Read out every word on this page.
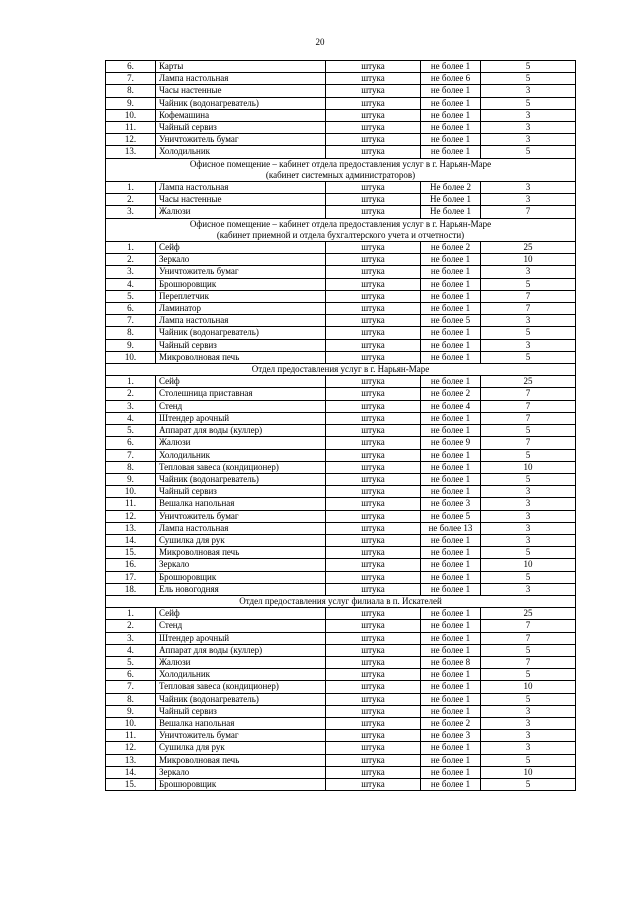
20
6.	Карты	штука	не более 1	5
7.	Лампа настольная	штука	не более 6	5
8.	Часы настенные	штука	не более 1	3
9.	Чайник (водонагреватель)	штука	не более 1	5
10.	Кофемашина	штука	не более 1	3
11.	Чайный сервиз	штука	не более 1	3
12.	Уничтожитель бумаг	штука	не более 1	3
13.	Холодильник	штука	не более 1	5

Офисное помещение – кабинет отдела предоставления услуг в г. Нарьян-Маре
(кабинет системных администраторов)				

1.	Лампа настольная	штука	Не более 2	3
2.	Часы настенные	штука	Не более 1	3
3.	Жалюзи	штука	Не более 1	7

Офисное помещение – кабинет отдела предоставления услуг в г. Нарьян-Маре
(кабинет приемной и отдела бухгалтерского учета и отчетности)				

1.	Сейф	штука	не более 2	25
2.	Зеркало	штука	не более 1	10
3.	Уничтожитель бумаг	штука	не более 1	3
4.	Брошюровщик	штука	не более 1	5
5.	Переплетчик	штука	не более 1	7
6.	Ламинатор	штука	не более 1	7
7.	Лампа настольная	штука	не более 5	3
8.	Чайник (водонагреватель)	штука	не более 1	5
9.	Чайный сервиз	штука	не более 1	3
10.	Микроволновая печь	штука	не более 1	5

Отдел предоставления услуг в г. Нарьян-Маре				

1.	Сейф	штука	не более 1	25
2.	Столешница приставная	штука	не более 2	7
3.	Стенд	штука	не более 4	7
4.	Штендер арочный	штука	не более 1	7
5.	Аппарат для воды (куллер)	штука	не более 1	5
6.	Жалюзи	штука	не более 9	7
7.	Холодильник	штука	не более 1	5
8.	Тепловая завеса (кондиционер)	штука	не более 1	10
9.	Чайник (водонагреватель)	штука	не более 1	5
10.	Чайный сервиз	штука	не более 1	3
11.	Вешалка напольная	штука	не более 3	3
12.	Уничтожитель бумаг	штука	не более 5	3
13.	Лампа настольная	штука	не более 13	3
14.	Сушилка для рук	штука	не более 1	3
15.	Микроволновая печь	штука	не более 1	5
16.	Зеркало	штука	не более 1	10
17.	Брошюровщик	штука	не более 1	5
18.	Ель новогодняя	штука	не более 1	3

Отдел предоставления услуг филиала в п. Искателей				

1.	Сейф	штука	не более 1	25
2.	Стенд	штука	не более 1	7
3.	Штендер арочный	штука	не более 1	7
4.	Аппарат для воды (куллер)	штука	не более 1	5
5.	Жалюзи	штука	не более 8	7
6.	Холодильник	штука	не более 1	5
7.	Тепловая завеса (кондиционер)	штука	не более 1	10
8.	Чайник (водонагреватель)	штука	не более 1	5
9.	Чайный сервиз	штука	не более 1	3
10.	Вешалка напольная	штука	не более 2	3
11.	Уничтожитель бумаг	штука	не более 3	3
12.	Сушилка для рук	штука	не более 1	3
13.	Микроволновая печь	штука	не более 1	5
14.	Зеркало	штука	не более 1	10
15.	Брошюровщик	штука	не более 1	5
